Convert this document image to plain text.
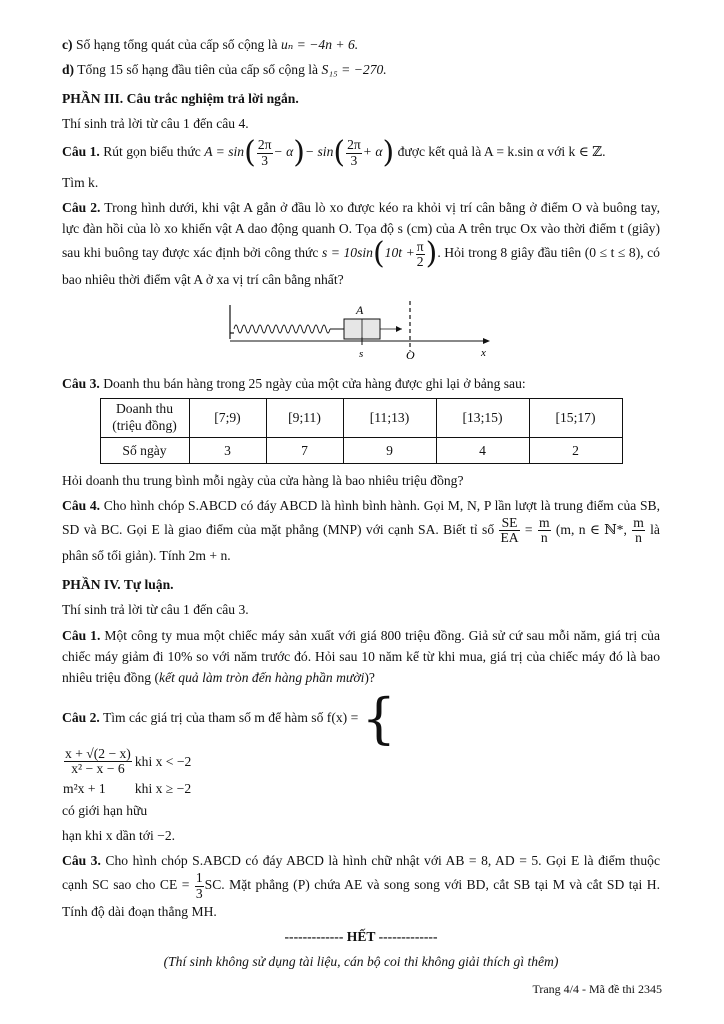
c) Số hạng tổng quát của cấp số cộng là uₙ = −4n + 6.

d) Tổng 15 số hạng đầu tiên của cấp số cộng là S₁₅ = −270.

PHẦN III. Câu trắc nghiệm trả lời ngắn.

Thí sinh trả lời từ câu 1 đến câu 4.

Câu 1. Rút gọn biểu thức $A = \sin( \frac{2\pi}{3} - \alpha)- \sin( \frac{2\pi}{3} + \alpha)$ được kết quả là A = k.sin α với k ∈ ℤ.

Tìm k.

Câu 2. Trong hình dưới, khi vật A gắn ở đầu lò xo được kéo ra khỏi vị trí cân bằng ở điểm O và buông tay, lực đàn hồi của lò xo khiến vật A dao động quanh O. Tọa độ s (cm) của A trên trục Ox vào thời điểm t (giây) sau khi buông tay được xác định bởi công thức $s = 10\sin(10t + \frac{\pi}{2}$ ). Hỏi trong 8 giây đầu tiên (0 ≤ t ≤ 8), có bao nhiêu thời điểm vật A ở xa vị trí cân bằng nhất?

A
s	O	x

Câu 3. Doanh thu bán hàng trong 25 ngày của một cửa hàng được ghi lại ở bảng sau:

Doanh thu
(triệu đồng)	[7;9)	[9;11)	[11;13)	[13;15)	[15;17)
Số ngày	3	7	9	4	2

Hỏi doanh thu trung bình mỗi ngày của cửa hàng là bao nhiêu triệu đồng?

Câu 4. Cho hình chóp S.ABCD có đáy ABCD là hình bình hành. Gọi M, N, P lần lượt là trung điểm của SB, SD và BC. Gọi E là giao điểm của mặt phẳng (MNP) với cạnh SA. Biết tỉ số $\frac{SE}{EA} = \frac{m}{n} (m$, n ∈ ℕ*, $\frac{m}{n}$ là phân số tối giản). Tính 2m + n.

PHẦN IV. Tự luận.

Thí sinh trả lời từ câu 1 đến câu 3.

Câu 1. Một công ty mua một chiếc máy sản xuất với giá 800 triệu đồng. Giả sử cứ sau mỗi năm, giá trị của chiếc máy giảm đi 10% so với năm trước đó. Hỏi sau 10 năm kể từ khi mua, giá trị của chiếc máy đó là bao nhiêu triệu đồng (kết quả làm tròn đến hàng phần mười)?

Câu 2. Tìm các giá trị của tham số m để hàm số f(x) = {

$\frac{x + √(2 - x)}{\text{x² − x − 6}}$	khi x < −2
m²x + 1	khi x ≥ −2
có giới hạn hữu

hạn khi x dần tới −2.

Câu 3. Cho hình chóp S.ABCD có đáy ABCD là hình chữ nhật với AB = 8, AD = 5. Gọi E là điểm thuộc cạnh SC sao cho CE = $\frac{1}{3}$ SC. Mặt phẳng (P) chứa AE và song song với BD, cắt SB tại M và cắt SD tại H. Tính độ dài đoạn thẳng MH.

------------- HẾT -------------

(Thí sinh không sử dụng tài liệu, cán bộ coi thi không giải thích gì thêm)

Trang 4/4 - Mã đề thi 2345
